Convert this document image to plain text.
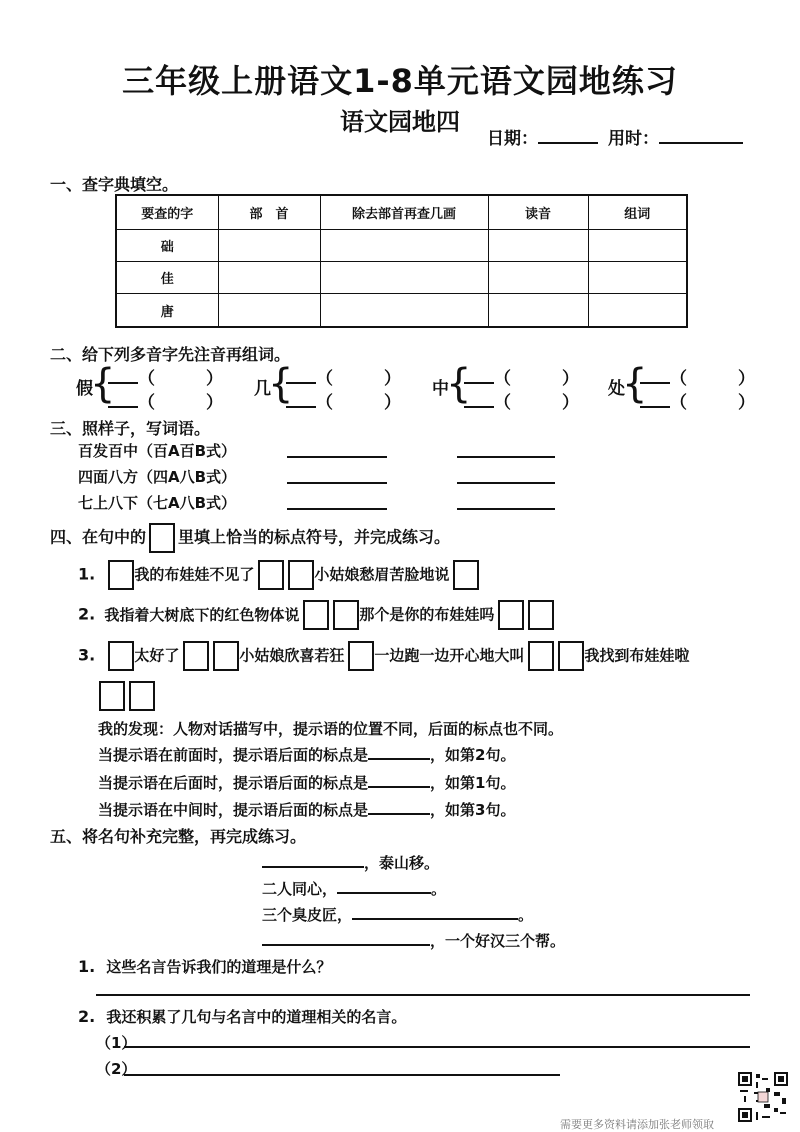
三年级上册语文1-8单元语文园地练习
语文园地四
日期：	用时：
一、查字典填空。
要查的字	部　首	除去部首再查几画	读音	组词
础				
佳				
唐				
二、给下列多音字先注音再组词。
假
{	（　　　）
（　　　）
几
{	（　　　）
（　　　）
中
{	（　　　）
（　　　）
处
{	（　　　）
（　　　）
三、照样子，写词语。
百发百中（百A百B式）
四面八方（四A八B式）
七上八下（七A八B式）
四、在句中的 里填上恰当的标点符号，并完成练习。
1.	我的布娃娃不见了	小姑娘愁眉苦脸地说
2. 我指着大树底下的红色物体说	那个是你的布娃娃吗
3.	太好了	小姑娘欣喜若狂 一边跑一边开心地大叫	我找到布娃娃啦
我的发现：人物对话描写中，提示语的位置不同，后面的标点也不同。
当提示语在前面时，提示语后面的标点是	，如第2句。
当提示语在后面时，提示语后面的标点是	，如第1句。
当提示语在中间时，提示语后面的标点是	，如第3句。
五、将名句补充完整，再完成练习。
，泰山移。
二人同心，	。
三个臭皮匠，	。
，一个好汉三个帮。
1. 这些名言告诉我们的道理是什么？
2. 我还积累了几句与名言中的道理相关的名言。
（1）
（2）
需要更多资料请添加张老师领取
